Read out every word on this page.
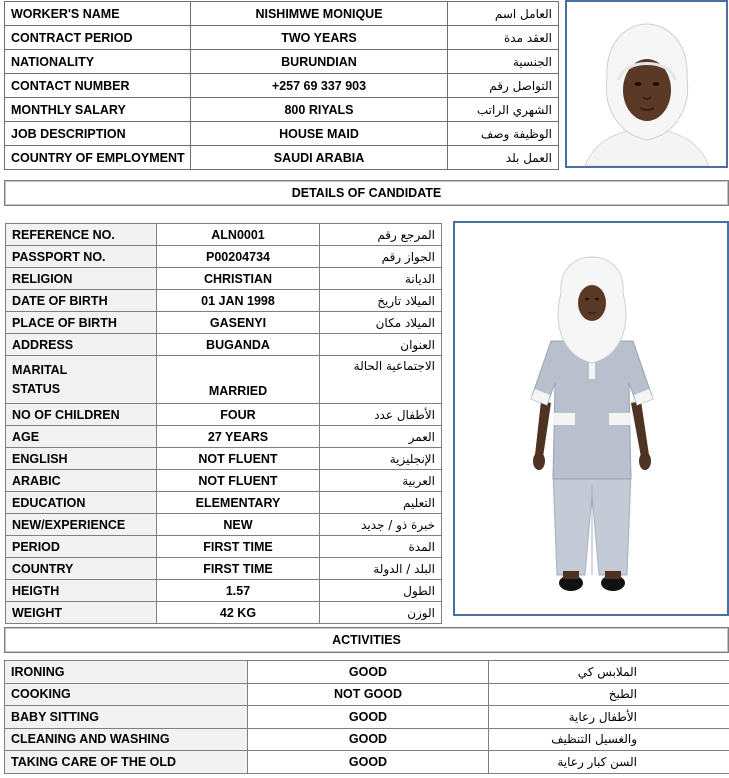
WORKER'S NAME	NISHIMWE MONIQUE	العامل اسم
CONTRACT PERIOD	TWO YEARS	العقد مدة
NATIONALITY	BURUNDIAN	الجنسية
CONTACT NUMBER	+257 69 337 903	التواصل رقم
MONTHLY SALARY	800 RIYALS	الشهري الراتب
JOB DESCRIPTION	HOUSE MAID	الوظيفة وصف
COUNTRY OF EMPLOYMENT	SAUDI ARABIA	العمل بلد
DETAILS OF CANDIDATE
REFERENCE NO.	ALN0001	المرجع رقم
PASSPORT NO.	P00204734	الجواز رقم
RELIGION	CHRISTIAN	الديانة
DATE OF BIRTH	01 JAN 1998	الميلاد تاريخ
PLACE OF BIRTH	GASENYI	الميلاد مكان
ADDRESS	BUGANDA	العنوان
MARITAL
STATUS	MARRIED	الاجتماعية الحالة
NO OF CHILDREN	FOUR	الأطفال عدد
AGE	27 YEARS	العمر
ENGLISH	NOT FLUENT	الإنجليزية
ARABIC	NOT FLUENT	العربية
EDUCATION	ELEMENTARY	التعليم
NEW/EXPERIENCE	NEW	خبرة ذو / جديد
PERIOD	FIRST TIME	المدة
COUNTRY	FIRST TIME	البلد / الدولة
HEIGTH	1.57	الطول
WEIGHT	42 KG	الوزن
ACTIVITIES
IRONING	GOOD	الملابس كي
COOKING	NOT GOOD	الطبخ
BABY SITTING	GOOD	الأطفال رعاية
CLEANING AND WASHING	GOOD	والغسيل التنظيف
TAKING CARE OF THE OLD	GOOD	السن كبار رعاية
